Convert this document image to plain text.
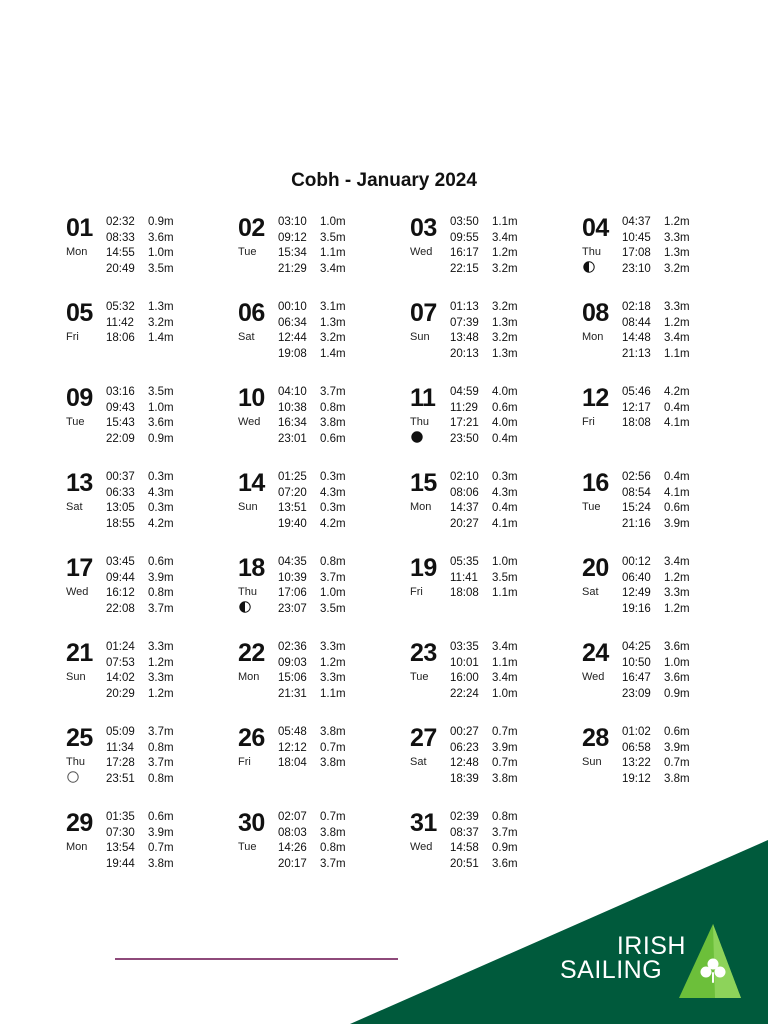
Cobh - January 2024
01
Mon
02:32 0.9m
08:33 3.6m
14:55 1.0m
20:49 3.5m
02
Tue
03:10 1.0m
09:12 3.5m
15:34 1.1m
21:29 3.4m
03
Wed
03:50 1.1m
09:55 3.4m
16:17 1.2m
22:15 3.2m
04
Thu
04:37 1.2m
10:45 3.3m
17:08 1.3m
23:10 3.2m
05
Fri
05:32 1.3m
11:42 3.2m
18:06 1.4m
06
Sat
00:10 3.1m
06:34 1.3m
12:44 3.2m
19:08 1.4m
07
Sun
01:13 3.2m
07:39 1.3m
13:48 3.2m
20:13 1.3m
08
Mon
02:18 3.3m
08:44 1.2m
14:48 3.4m
21:13 1.1m
09
Tue
03:16 3.5m
09:43 1.0m
15:43 3.6m
22:09 0.9m
10
Wed
04:10 3.7m
10:38 0.8m
16:34 3.8m
23:01 0.6m
11
Thu
04:59 4.0m
11:29 0.6m
17:21 4.0m
23:50 0.4m
12
Fri
05:46 4.2m
12:17 0.4m
18:08 4.1m
13
Sat
00:37 0.3m
06:33 4.3m
13:05 0.3m
18:55 4.2m
14
Sun
01:25 0.3m
07:20 4.3m
13:51 0.3m
19:40 4.2m
15
Mon
02:10 0.3m
08:06 4.3m
14:37 0.4m
20:27 4.1m
16
Tue
02:56 0.4m
08:54 4.1m
15:24 0.6m
21:16 3.9m
17
Wed
03:45 0.6m
09:44 3.9m
16:12 0.8m
22:08 3.7m
18
Thu
04:35 0.8m
10:39 3.7m
17:06 1.0m
23:07 3.5m
19
Fri
05:35 1.0m
11:41 3.5m
18:08 1.1m
20
Sat
00:12 3.4m
06:40 1.2m
12:49 3.3m
19:16 1.2m
21
Sun
01:24 3.3m
07:53 1.2m
14:02 3.3m
20:29 1.2m
22
Mon
02:36 3.3m
09:03 1.2m
15:06 3.3m
21:31 1.1m
23
Tue
03:35 3.4m
10:01 1.1m
16:00 3.4m
22:24 1.0m
24
Wed
04:25 3.6m
10:50 1.0m
16:47 3.6m
23:09 0.9m
25
Thu
05:09 3.7m
11:34 0.8m
17:28 3.7m
23:51 0.8m
26
Fri
05:48 3.8m
12:12 0.7m
18:04 3.8m
27
Sat
00:27 0.7m
06:23 3.9m
12:48 0.7m
18:39 3.8m
28
Sun
01:02 0.6m
06:58 3.9m
13:22 0.7m
19:12 3.8m
29
Mon
01:35 0.6m
07:30 3.9m
13:54 0.7m
19:44 3.8m
30
Tue
02:07 0.7m
08:03 3.8m
14:26 0.8m
20:17 3.7m
31
Wed
02:39 0.8m
08:37 3.7m
14:58 0.9m
20:51 3.6m
IRISH
SAILING
